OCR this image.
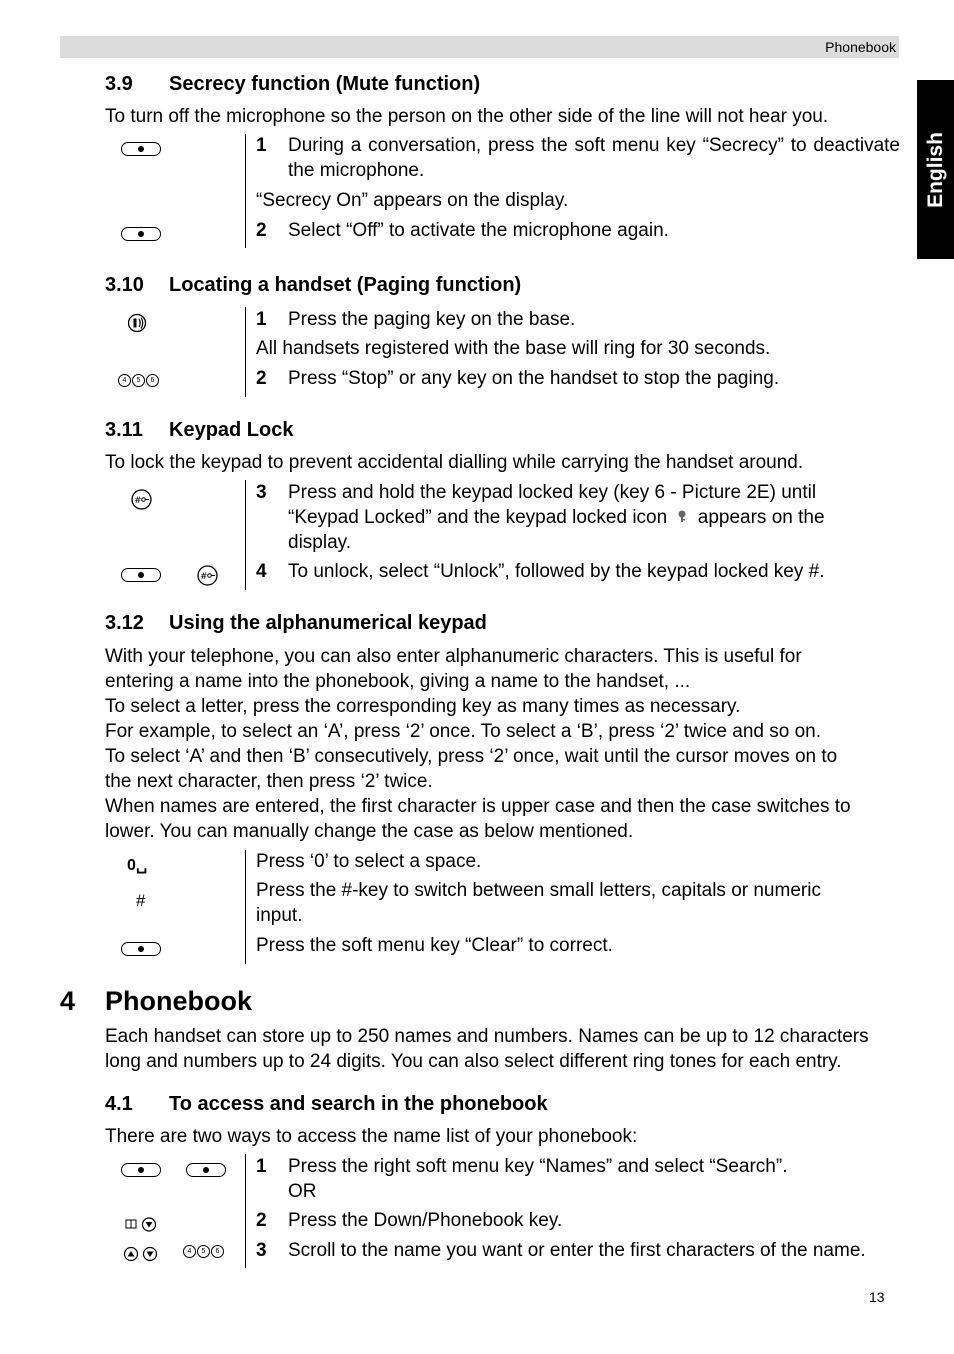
Phonebook
English
3.9 Secrecy function (Mute function)
To turn off the microphone so the person on the other side of the line will not hear you.
1 During a conversation, press the soft menu key “Secrecy” to deactivate the microphone.
“Secrecy On” appears on the display.
2 Select “Off” to activate the microphone again.
3.10 Locating a handset (Paging function)
1 Press the paging key on the base.
All handsets registered with the base will ring for 30 seconds.
4	5	6	2 Press “Stop” or any key on the handset to stop the paging.
3.11 Keypad Lock
To lock the keypad to prevent accidental dialling while carrying the handset around.
#	3 Press and hold the keypad locked key (key 6 - Picture 2E) until
“Keypad Locked” and the keypad locked icon appears on the
display.
#	4 To unlock, select “Unlock”, followed by the keypad locked key #.
3.12 Using the alphanumerical keypad
With your telephone, you can also enter alphanumeric characters. This is useful for
entering a name into the phonebook, giving a name to the handset, ...
To select a letter, press the corresponding key as many times as necessary.
For example, to select an ‘A’, press ‘2’ once. To select a ‘B’, press ‘2’ twice and so on.
To select ‘A’ and then ‘B’ consecutively, press ‘2’ once, wait until the cursor moves on to
the next character, then press ‘2’ twice.
When names are entered, the first character is upper case and then the case switches to
lower. You can manually change the case as below mentioned.
0␣	Press ‘0’ to select a space.
#	Press the #-key to switch between small letters, capitals or numeric
input.
Press the soft menu key “Clear” to correct.
4 Phonebook
Each handset can store up to 250 names and numbers. Names can be up to 12 characters
long and numbers up to 24 digits. You can also select different ring tones for each entry.
4.1 To access and search in the phonebook
There are two ways to access the name list of your phonebook:
1 Press the right soft menu key “Names” and select “Search”.
OR
2 Press the Down/Phonebook key.
4	5	6 3 Scroll to the name you want or enter the first characters of the name.
13
